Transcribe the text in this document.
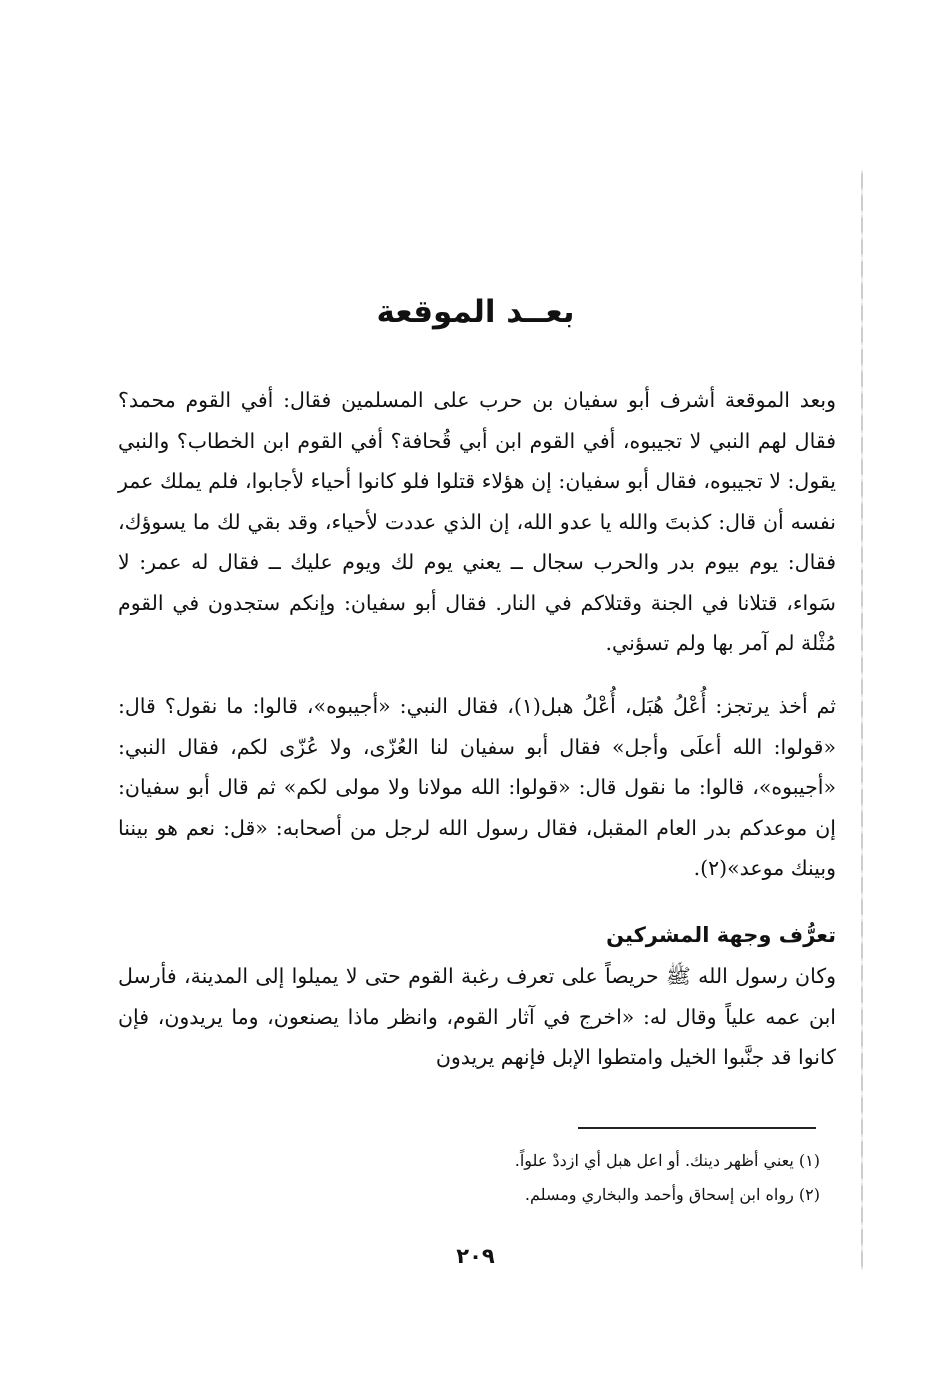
بعــد الموقعة

وبعد الموقعة أشرف أبو سفيان بن حرب على المسلمين فقال: أفي القوم محمد؟ فقال لهم النبي لا تجيبوه، أفي القوم ابن أبي قُحافة؟ أفي القوم ابن الخطاب؟ والنبي يقول: لا تجيبوه، فقال أبو سفيان: إن هؤلاء قتلوا فلو كانوا أحياء لأجابوا، فلم يملك عمر نفسه أن قال: كذبتَ والله يا عدو الله، إن الذي عددت لأحياء، وقد بقي لك ما يسوؤك، فقال: يوم بيوم بدر والحرب سجال ــ يعني يوم لك ويوم عليك ــ فقال له عمر: لا سَواء، قتلانا في الجنة وقتلاكم في النار. فقال أبو سفيان: وإنكم ستجدون في القوم مُثْلة لم آمر بها ولم تسؤني.

ثم أخذ يرتجز: أُعْلُ هُبَل، أُعْلُ هبل(١)، فقال النبي: «أجيبوه»، قالوا: ما نقول؟ قال: «قولوا: الله أعلَى وأجل» فقال أبو سفيان لنا العُزّى، ولا عُزّى لكم، فقال النبي: «أجيبوه»، قالوا: ما نقول قال: «قولوا: الله مولانا ولا مولى لكم» ثم قال أبو سفيان: إن موعدكم بدر العام المقبل، فقال رسول الله لرجل من أصحابه: «قل: نعم هو بيننا وبينك موعد»(٢).

تعرُّف وجهة المشركين

وكان رسول الله ﷺ حريصاً على تعرف رغبة القوم حتى لا يميلوا إلى المدينة، فأرسل ابن عمه علياً وقال له: «اخرج في آثار القوم، وانظر ماذا يصنعون، وما يريدون، فإن كانوا قد جنَّبوا الخيل وامتطوا الإبل فإنهم يريدون

(١) يعني أظهر دينك. أو اعل هبل أي ازددْ علواً.

(٢) رواه ابن إسحاق وأحمد والبخاري ومسلم.

٢٠٩
